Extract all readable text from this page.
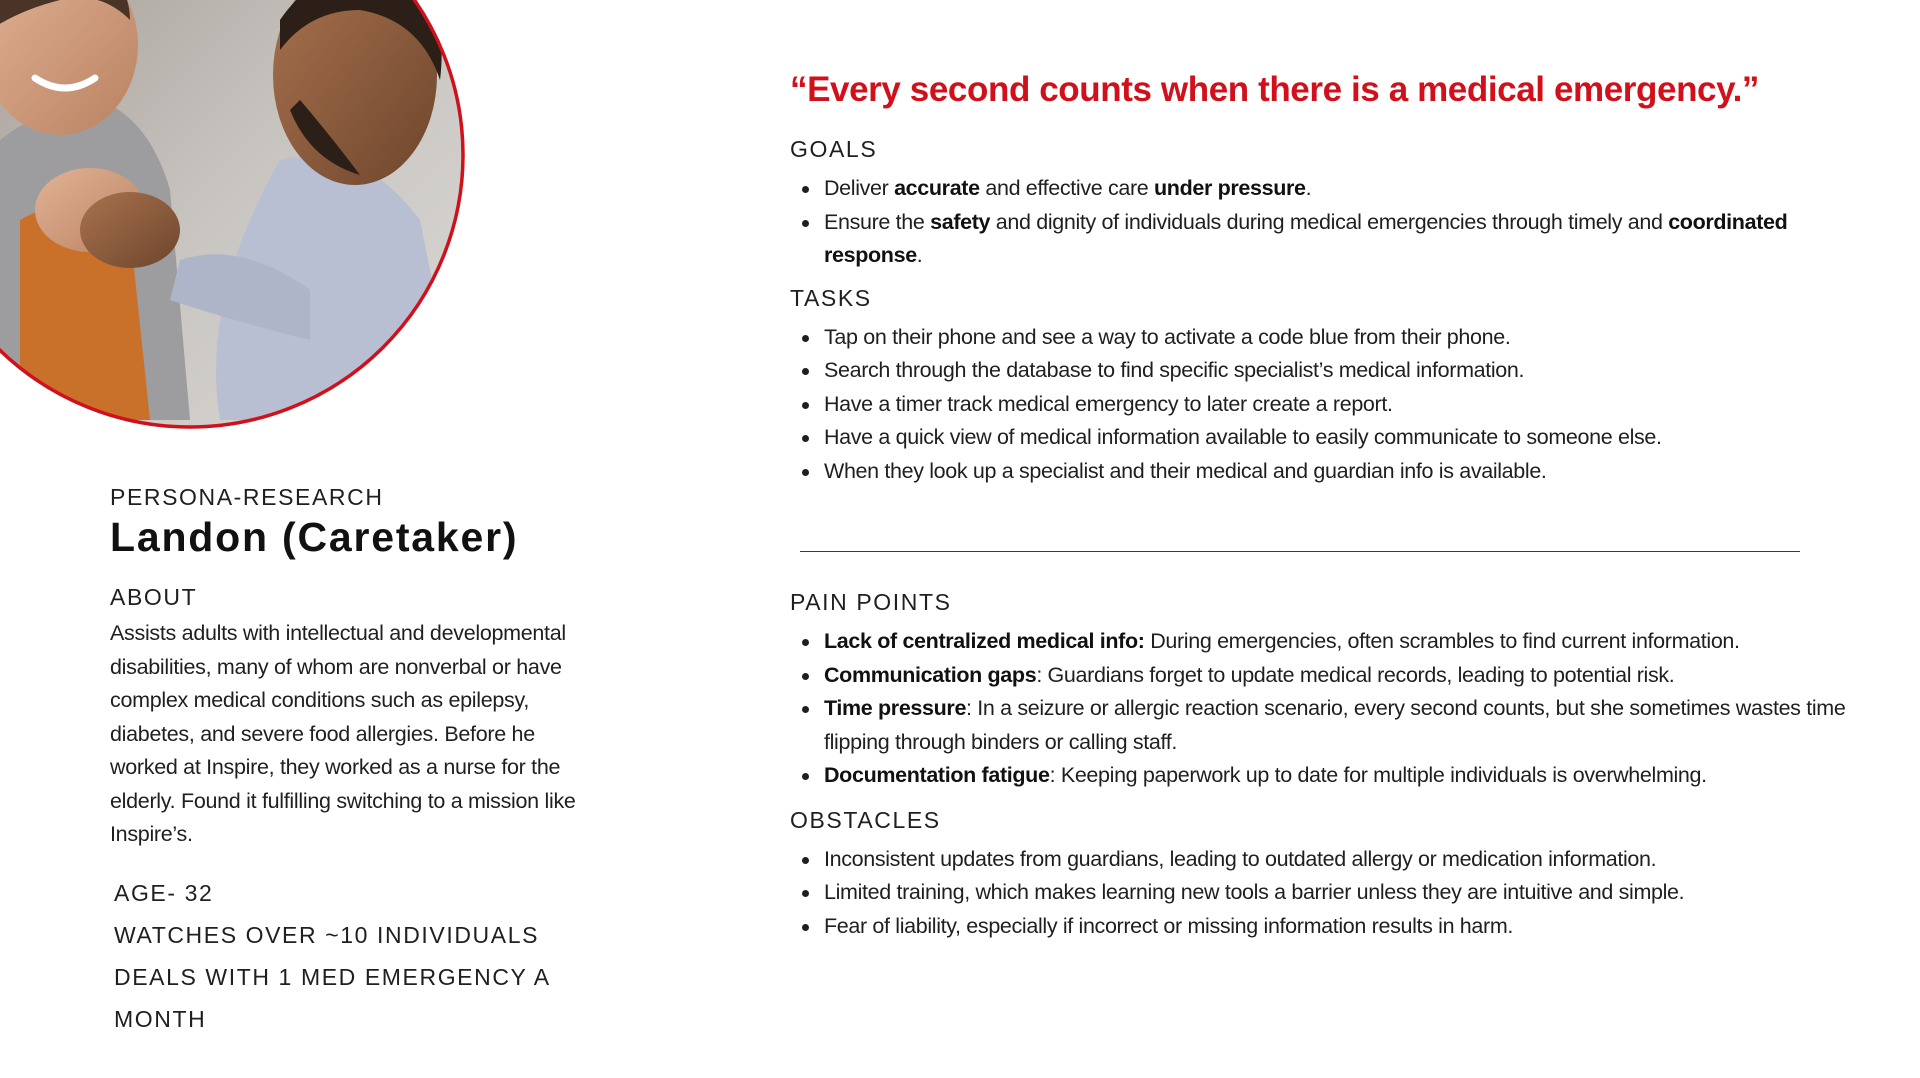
PERSONA-RESEARCH

Landon (Caretaker)

ABOUT

Assists adults with intellectual and developmental disabilities, many of whom are nonverbal or have complex medical conditions such as epilepsy, diabetes, and severe food allergies. Before he worked at Inspire, they worked as a nurse for the elderly. Found it fulfilling switching to a mission like Inspire’s.

AGE- 32
WATCHES OVER ~10 INDIVIDUALS
DEALS WITH 1 MED EMERGENCY A MONTH
“Every second counts when there is a medical emergency.”

GOALS

Deliver accurate and effective care under pressure.
Ensure the safety and dignity of individuals during medical emergencies through timely and coordinated response.

TASKS

Tap on their phone and see a way to activate a code blue from their phone.
Search through the database to find specific specialist’s medical information.
Have a timer track medical emergency to later create a report.
Have a quick view of medical information available to easily communicate to someone else.
When they look up a specialist and their medical and guardian info is available.

PAIN POINTS

Lack of centralized medical info: During emergencies, often scrambles to find current information.
Communication gaps: Guardians forget to update medical records, leading to potential risk.
Time pressure: In a seizure or allergic reaction scenario, every second counts, but she sometimes wastes time flipping through binders or calling staff.
Documentation fatigue: Keeping paperwork up to date for multiple individuals is overwhelming.

OBSTACLES

Inconsistent updates from guardians, leading to outdated allergy or medication information.
Limited training, which makes learning new tools a barrier unless they are intuitive and simple.
Fear of liability, especially if incorrect or missing information results in harm.
